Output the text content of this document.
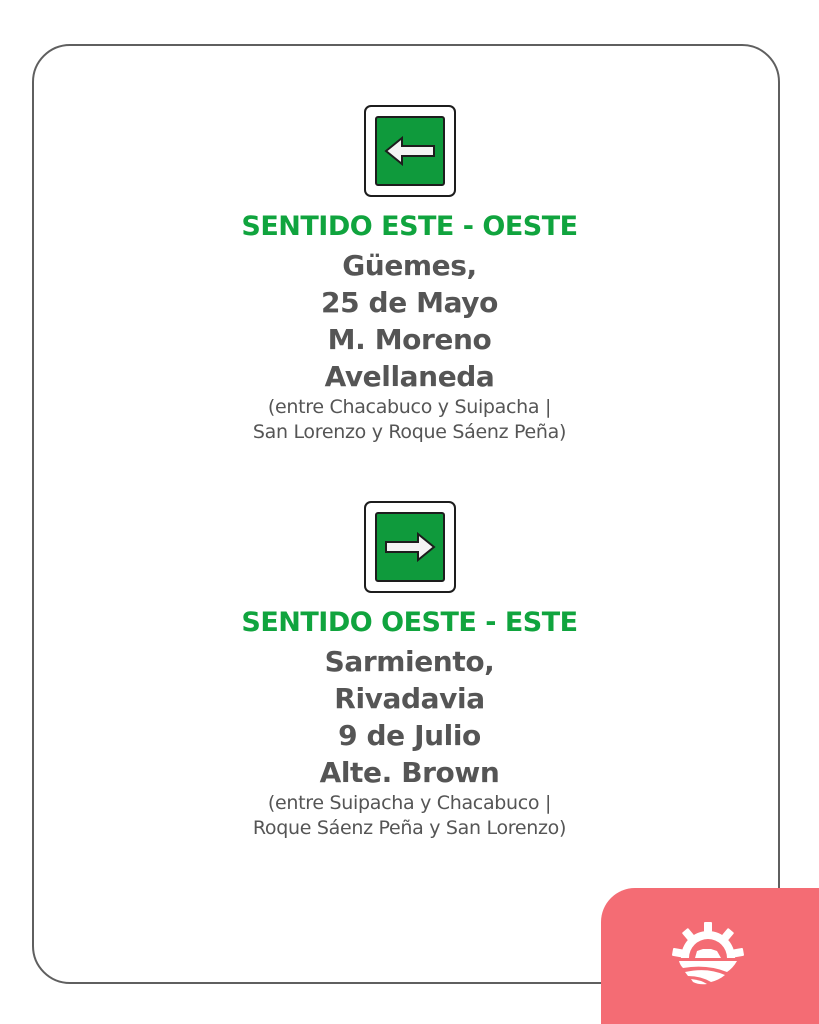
SENTIDO ESTE - OESTE
Güemes,
25 de Mayo
M. Moreno
Avellaneda
(entre Chacabuco y Suipacha |
San Lorenzo y Roque Sáenz Peña)
SENTIDO OESTE - ESTE
Sarmiento,
Rivadavia
9 de Julio
Alte. Brown
(entre Suipacha y Chacabuco |
Roque Sáenz Peña y San Lorenzo)
